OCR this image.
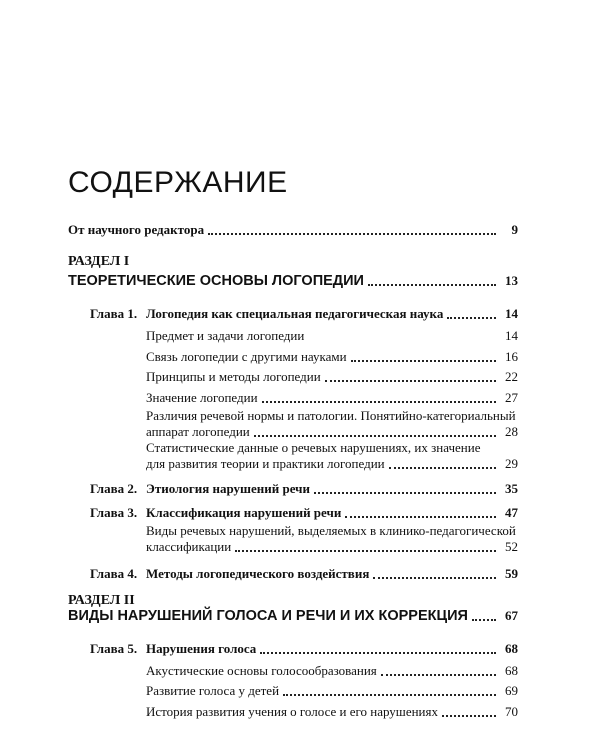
СОДЕРЖАНИЕ
От научного редактора	9
РАЗДЕЛ I
ТЕОРЕТИЧЕСКИЕ ОСНОВЫ ЛОГОПЕДИИ	13
Глава 1. Логопедия как специальная педагогическая наука	14
Предмет и задачи логопедии	14
Связь логопедии с другими науками	16
Принципы и методы логопедии	22
Значение логопедии	27
Различия речевой нормы и патологии. Понятийно-категориальный
аппарат логопедии	28
Статистические данные о речевых нарушениях, их значение
для развития теории и практики логопедии	29
Глава 2. Этиология нарушений речи	35
Глава 3. Классификация нарушений речи	47
Виды речевых нарушений, выделяемых в клинико-педагогической
классификации	52
Глава 4. Методы логопедического воздействия	59
РАЗДЕЛ II
ВИДЫ НАРУШЕНИЙ ГОЛОСА И РЕЧИ И ИХ КОРРЕКЦИЯ	67
Глава 5. Нарушения голоса	68
Акустические основы голосообразования	68
Развитие голоса у детей	69
История развития учения о голосе и его нарушениях	70
